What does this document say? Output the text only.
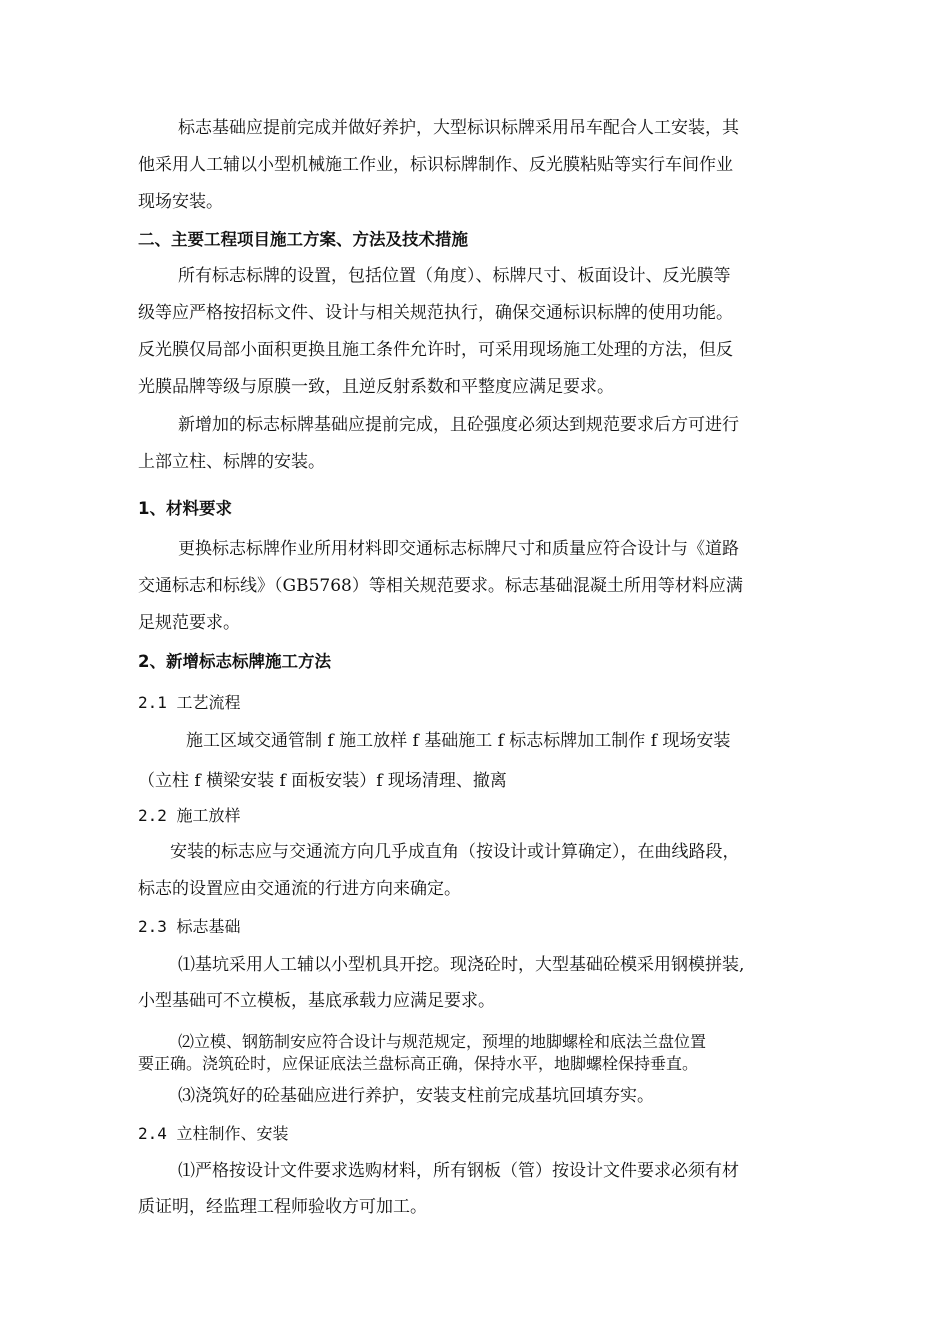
标志基础应提前完成并做好养护，大型标识标牌采用吊车配合人工安装，其
他采用人工辅以小型机械施工作业，标识标牌制作、反光膜粘贴等实行车间作业
现场安装。
二、主要工程项目施工方案、方法及技术措施
所有标志标牌的设置，包括位置（角度）、标牌尺寸、板面设计、反光膜等
级等应严格按招标文件、设计与相关规范执行，确保交通标识标牌的使用功能。
反光膜仅局部小面积更换且施工条件允许时，可采用现场施工处理的方法，但反
光膜品牌等级与原膜一致，且逆反射系数和平整度应满足要求。
新增加的标志标牌基础应提前完成，且砼强度必须达到规范要求后方可进行
上部立柱、标牌的安装。
1、材料要求
更换标志标牌作业所用材料即交通标志标牌尺寸和质量应符合设计与《道路
交通标志和标线》（GB5768）等相关规范要求。标志基础混凝土所用等材料应满
足规范要求。
2、新增标志标牌施工方法
2.1 工艺流程
施工区域交通管制 f 施工放样 f 基础施工 f 标志标牌加工制作 f 现场安装
（立柱 f 横梁安装 f 面板安装）f 现场清理、撤离
2.2 施工放样
安装的标志应与交通流方向几乎成直角（按设计或计算确定），在曲线路段，
标志的设置应由交通流的行进方向来确定。
2.3 标志基础
⑴基坑采用人工辅以小型机具开挖。现浇砼时，大型基础砼模采用钢模拼装,
小型基础可不立模板，基底承载力应满足要求。
⑵立模、钢筋制安应符合设计与规范规定，预埋的地脚螺栓和底法兰盘位置
要正确。浇筑砼时，应保证底法兰盘标高正确，保持水平，地脚螺栓保持垂直。
⑶浇筑好的砼基础应进行养护，安装支柱前完成基坑回填夯实。
2.4 立柱制作、安装
⑴严格按设计文件要求选购材料，所有钢板（管）按设计文件要求必须有材
质证明，经监理工程师验收方可加工。
